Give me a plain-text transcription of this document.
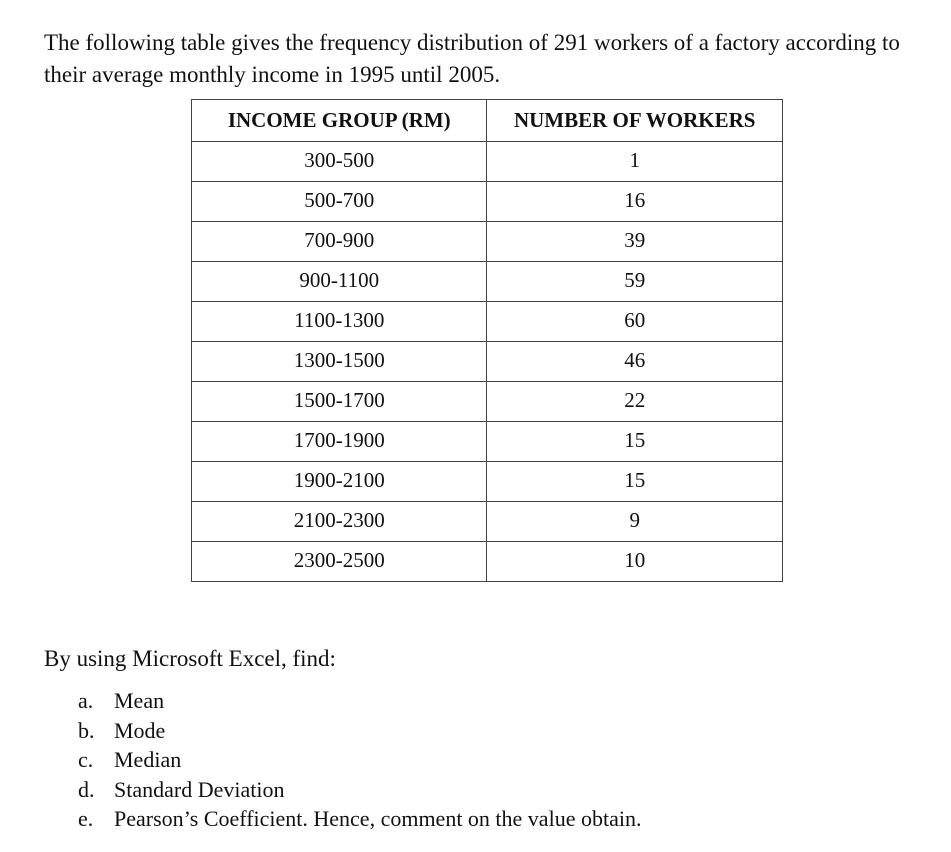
The following table gives the frequency distribution of 291 workers of a factory according to their average monthly income in 1995 until 2005.

INCOME GROUP (RM)	NUMBER OF WORKERS
300-500	1
500-700	16
700-900	39
900-1100	59
1100-1300	60
1300-1500	46
1500-1700	22
1700-1900	15
1900-2100	15
2100-2300	9
2300-2500	10

By using Microsoft Excel, find:

a. Mean
b. Mode
c. Median
d. Standard Deviation
e. Pearson’s Coefficient. Hence, comment on the value obtain.
